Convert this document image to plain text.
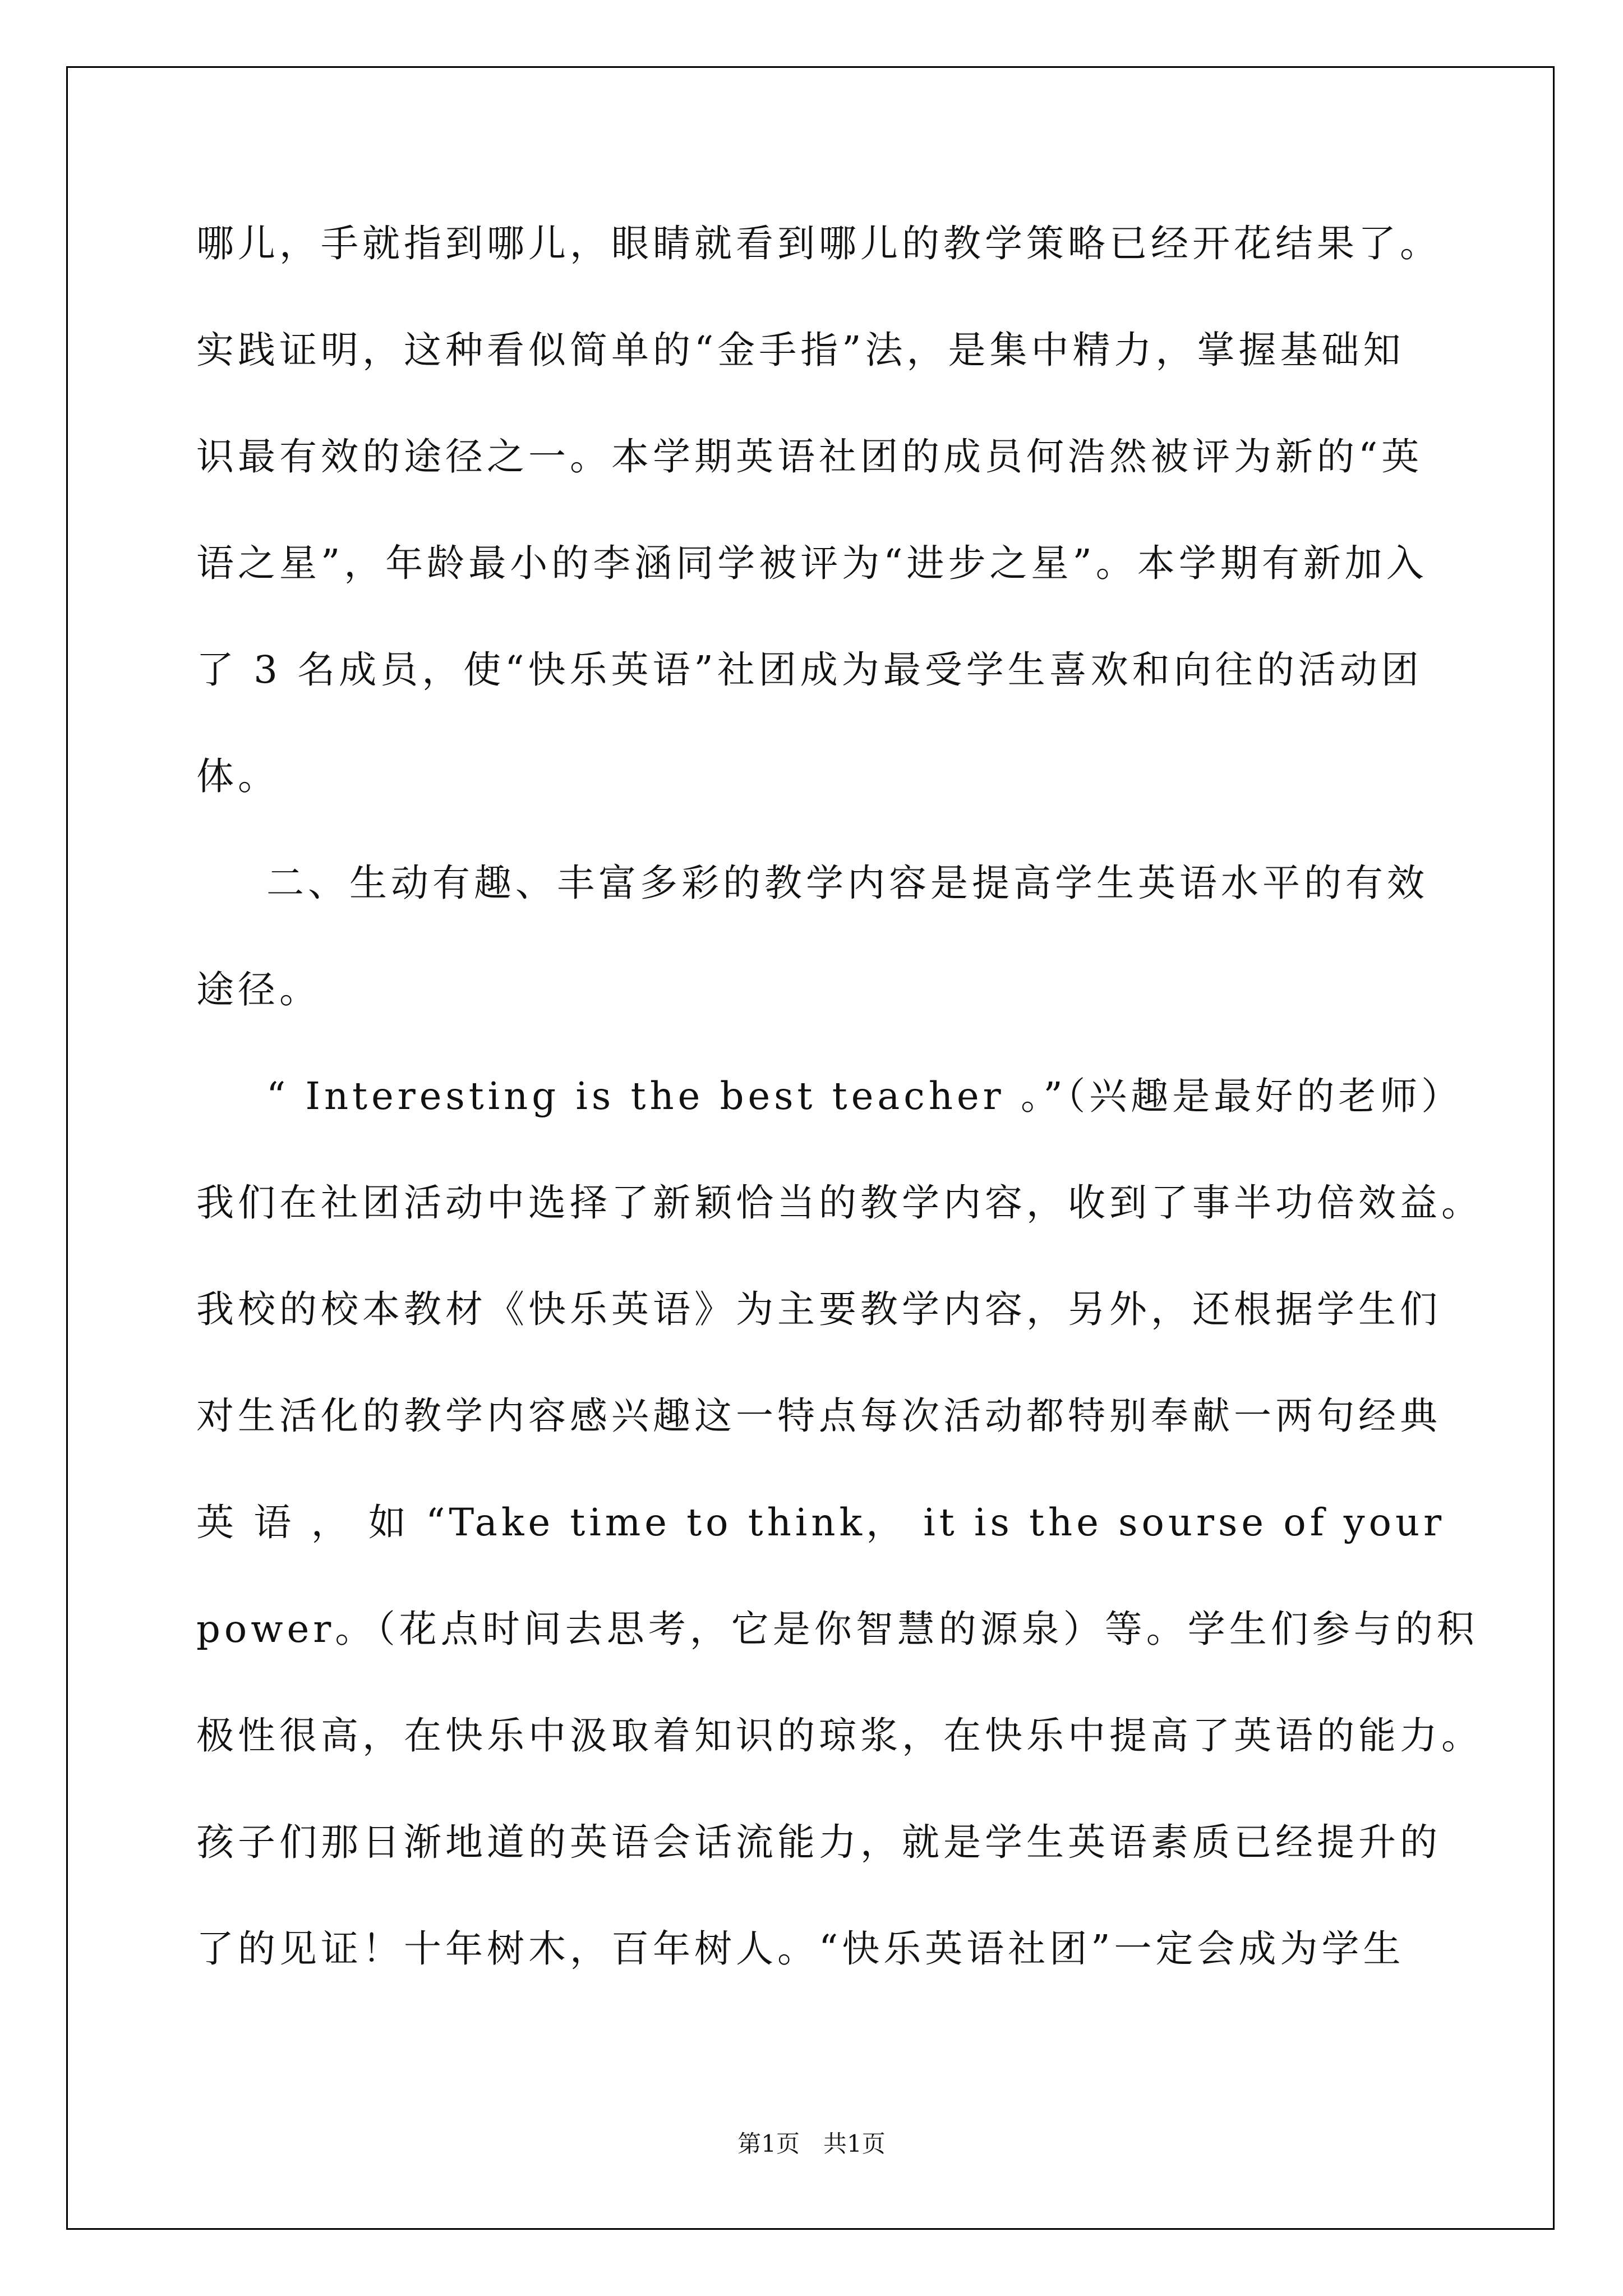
哪儿，手就指到哪儿，眼睛就看到哪儿的教学策略已经开花结果了。
实践证明，这种看似简单的“金手指”法，是集中精力，掌握基础知
识最有效的途径之一。本学期英语社团的成员何浩然被评为新的“英
语之星”，年龄最小的李涵同学被评为“进步之星”。本学期有新加入
了 3 名成员，使“快乐英语”社团成为最受学生喜欢和向往的活动团
体。
二、生动有趣、丰富多彩的教学内容是提高学生英语水平的有效
途径。
“ Interesting is the best teacher 。”（兴趣是最好的老师）
我们在社团活动中选择了新颖恰当的教学内容，收到了事半功倍效益。
我校的校本教材《快乐英语》为主要教学内容，另外，还根据学生们
对生活化的教学内容感兴趣这一特点每次活动都特别奉献一两句经典
英 语 ， 如 “Take time to think， it is the sourse of your
power。（花点时间去思考，它是你智慧的源泉）等。学生们参与的积
极性很高，在快乐中汲取着知识的琼浆，在快乐中提高了英语的能力。
孩子们那日渐地道的英语会话流能力，就是学生英语素质已经提升的
了的见证！十年树木，百年树人。“快乐英语社团”一定会成为学生
第1页 共1页
